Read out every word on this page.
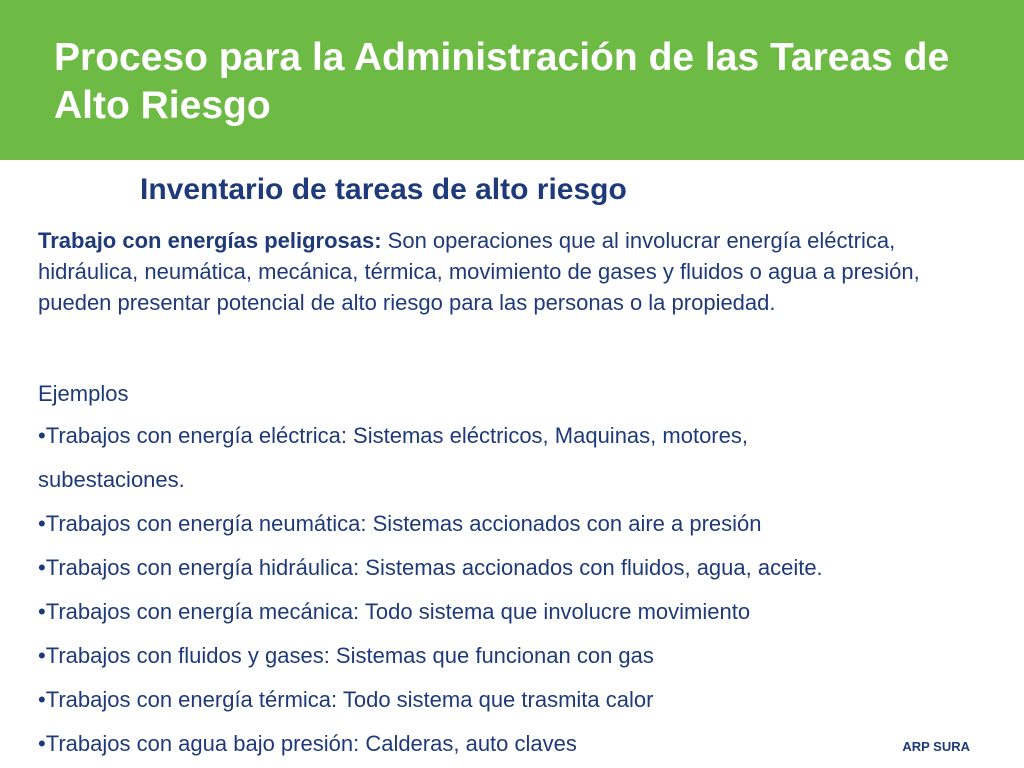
Proceso para la Administración de las Tareas de Alto Riesgo
Inventario de tareas de alto riesgo

Trabajo con energías peligrosas: Son operaciones que al involucrar energía eléctrica, hidráulica, neumática, mecánica, térmica, movimiento de gases y fluidos o agua a presión, pueden presentar potencial de alto riesgo para las personas o la propiedad.

Ejemplos

•Trabajos con energía eléctrica: Sistemas eléctricos, Maquinas, motores,
subestaciones.
•Trabajos con energía neumática: Sistemas accionados con aire a presión
•Trabajos con energía hidráulica: Sistemas accionados con fluidos, agua, aceite.
•Trabajos con energía mecánica: Todo sistema que involucre movimiento
•Trabajos con fluidos y gases: Sistemas que funcionan con gas
•Trabajos con energía térmica: Todo sistema que trasmita calor
•Trabajos con agua bajo presión: Calderas, auto claves	ARP SURA
